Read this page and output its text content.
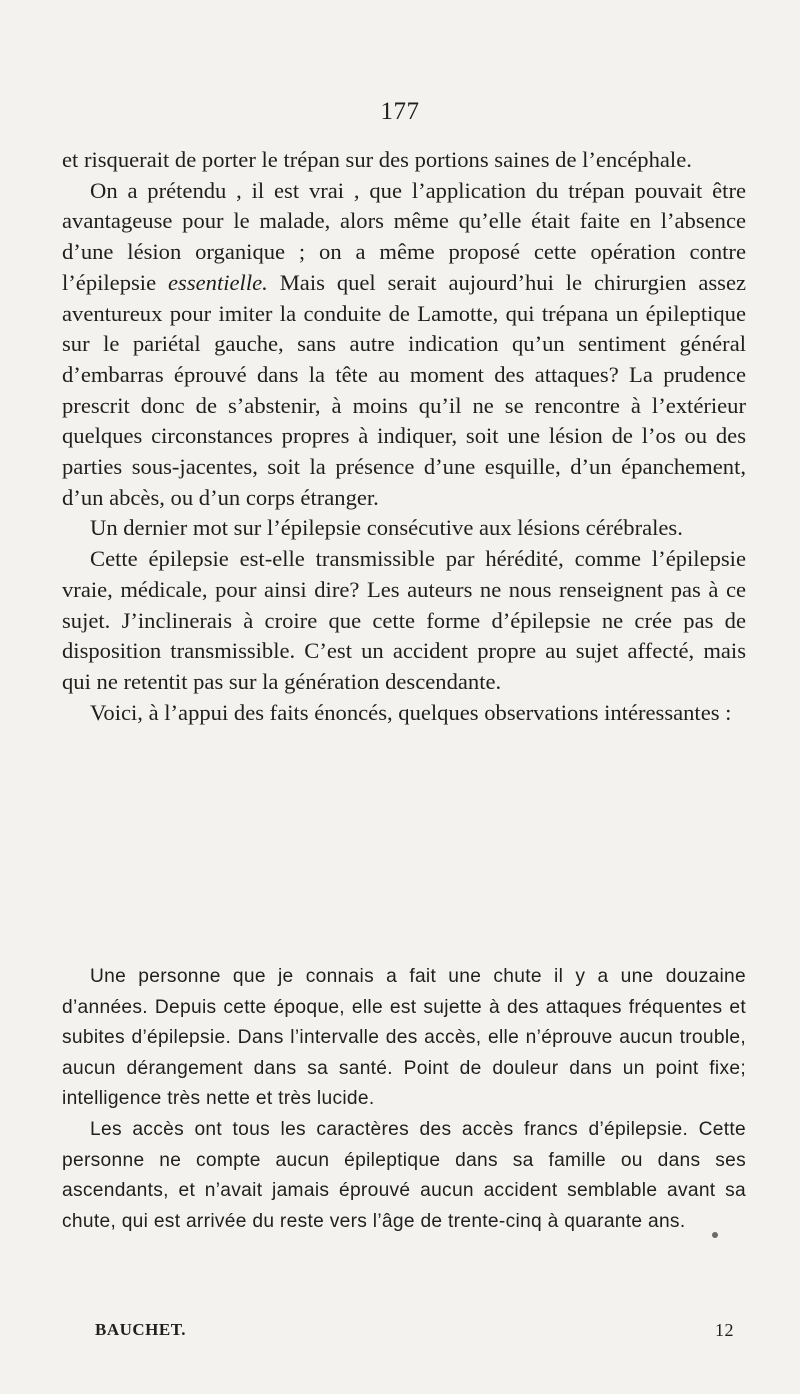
177

et risquerait de porter le trépan sur des portions saines de l’encéphale.

On a prétendu , il est vrai , que l’application du trépan pouvait être avantageuse pour le malade, alors même qu’elle était faite en l’absence d’une lésion organique ; on a même proposé cette opération contre l’épilepsie essentielle. Mais quel serait aujourd’hui le chirurgien assez aventureux pour imiter la conduite de Lamotte, qui trépana un épileptique sur le pariétal gauche, sans autre indication qu’un sentiment général d’embarras éprouvé dans la tête au moment des attaques? La prudence prescrit donc de s’abstenir, à moins qu’il ne se rencontre à l’extérieur quelques circonstances propres à indiquer, soit une lésion de l’os ou des parties sous-jacentes, soit la présence d’une esquille, d’un épanchement, d’un abcès, ou d’un corps étranger.

Un dernier mot sur l’épilepsie consécutive aux lésions cérébrales.

Cette épilepsie est-elle transmissible par hérédité, comme l’épilepsie vraie, médicale, pour ainsi dire? Les auteurs ne nous renseignent pas à ce sujet. J’inclinerais à croire que cette forme d’épilepsie ne crée pas de disposition transmissible. C’est un accident propre au sujet affecté, mais qui ne retentit pas sur la génération descendante.

Voici, à l’appui des faits énoncés, quelques observations intéressantes :

Une personne que je connais a fait une chute il y a une douzaine d’années. Depuis cette époque, elle est sujette à des attaques fréquentes et subites d’épilepsie. Dans l’intervalle des accès, elle n’éprouve aucun trouble, aucun dérangement dans sa santé. Point de douleur dans un point fixe; intelligence très nette et très lucide.

Les accès ont tous les caractères des accès francs d’épilepsie. Cette personne ne compte aucun épileptique dans sa famille ou dans ses ascendants, et n’avait jamais éprouvé aucun accident semblable avant sa chute, qui est arrivée du reste vers l’âge de trente-cinq à quarante ans.

BAUCHET.	12
